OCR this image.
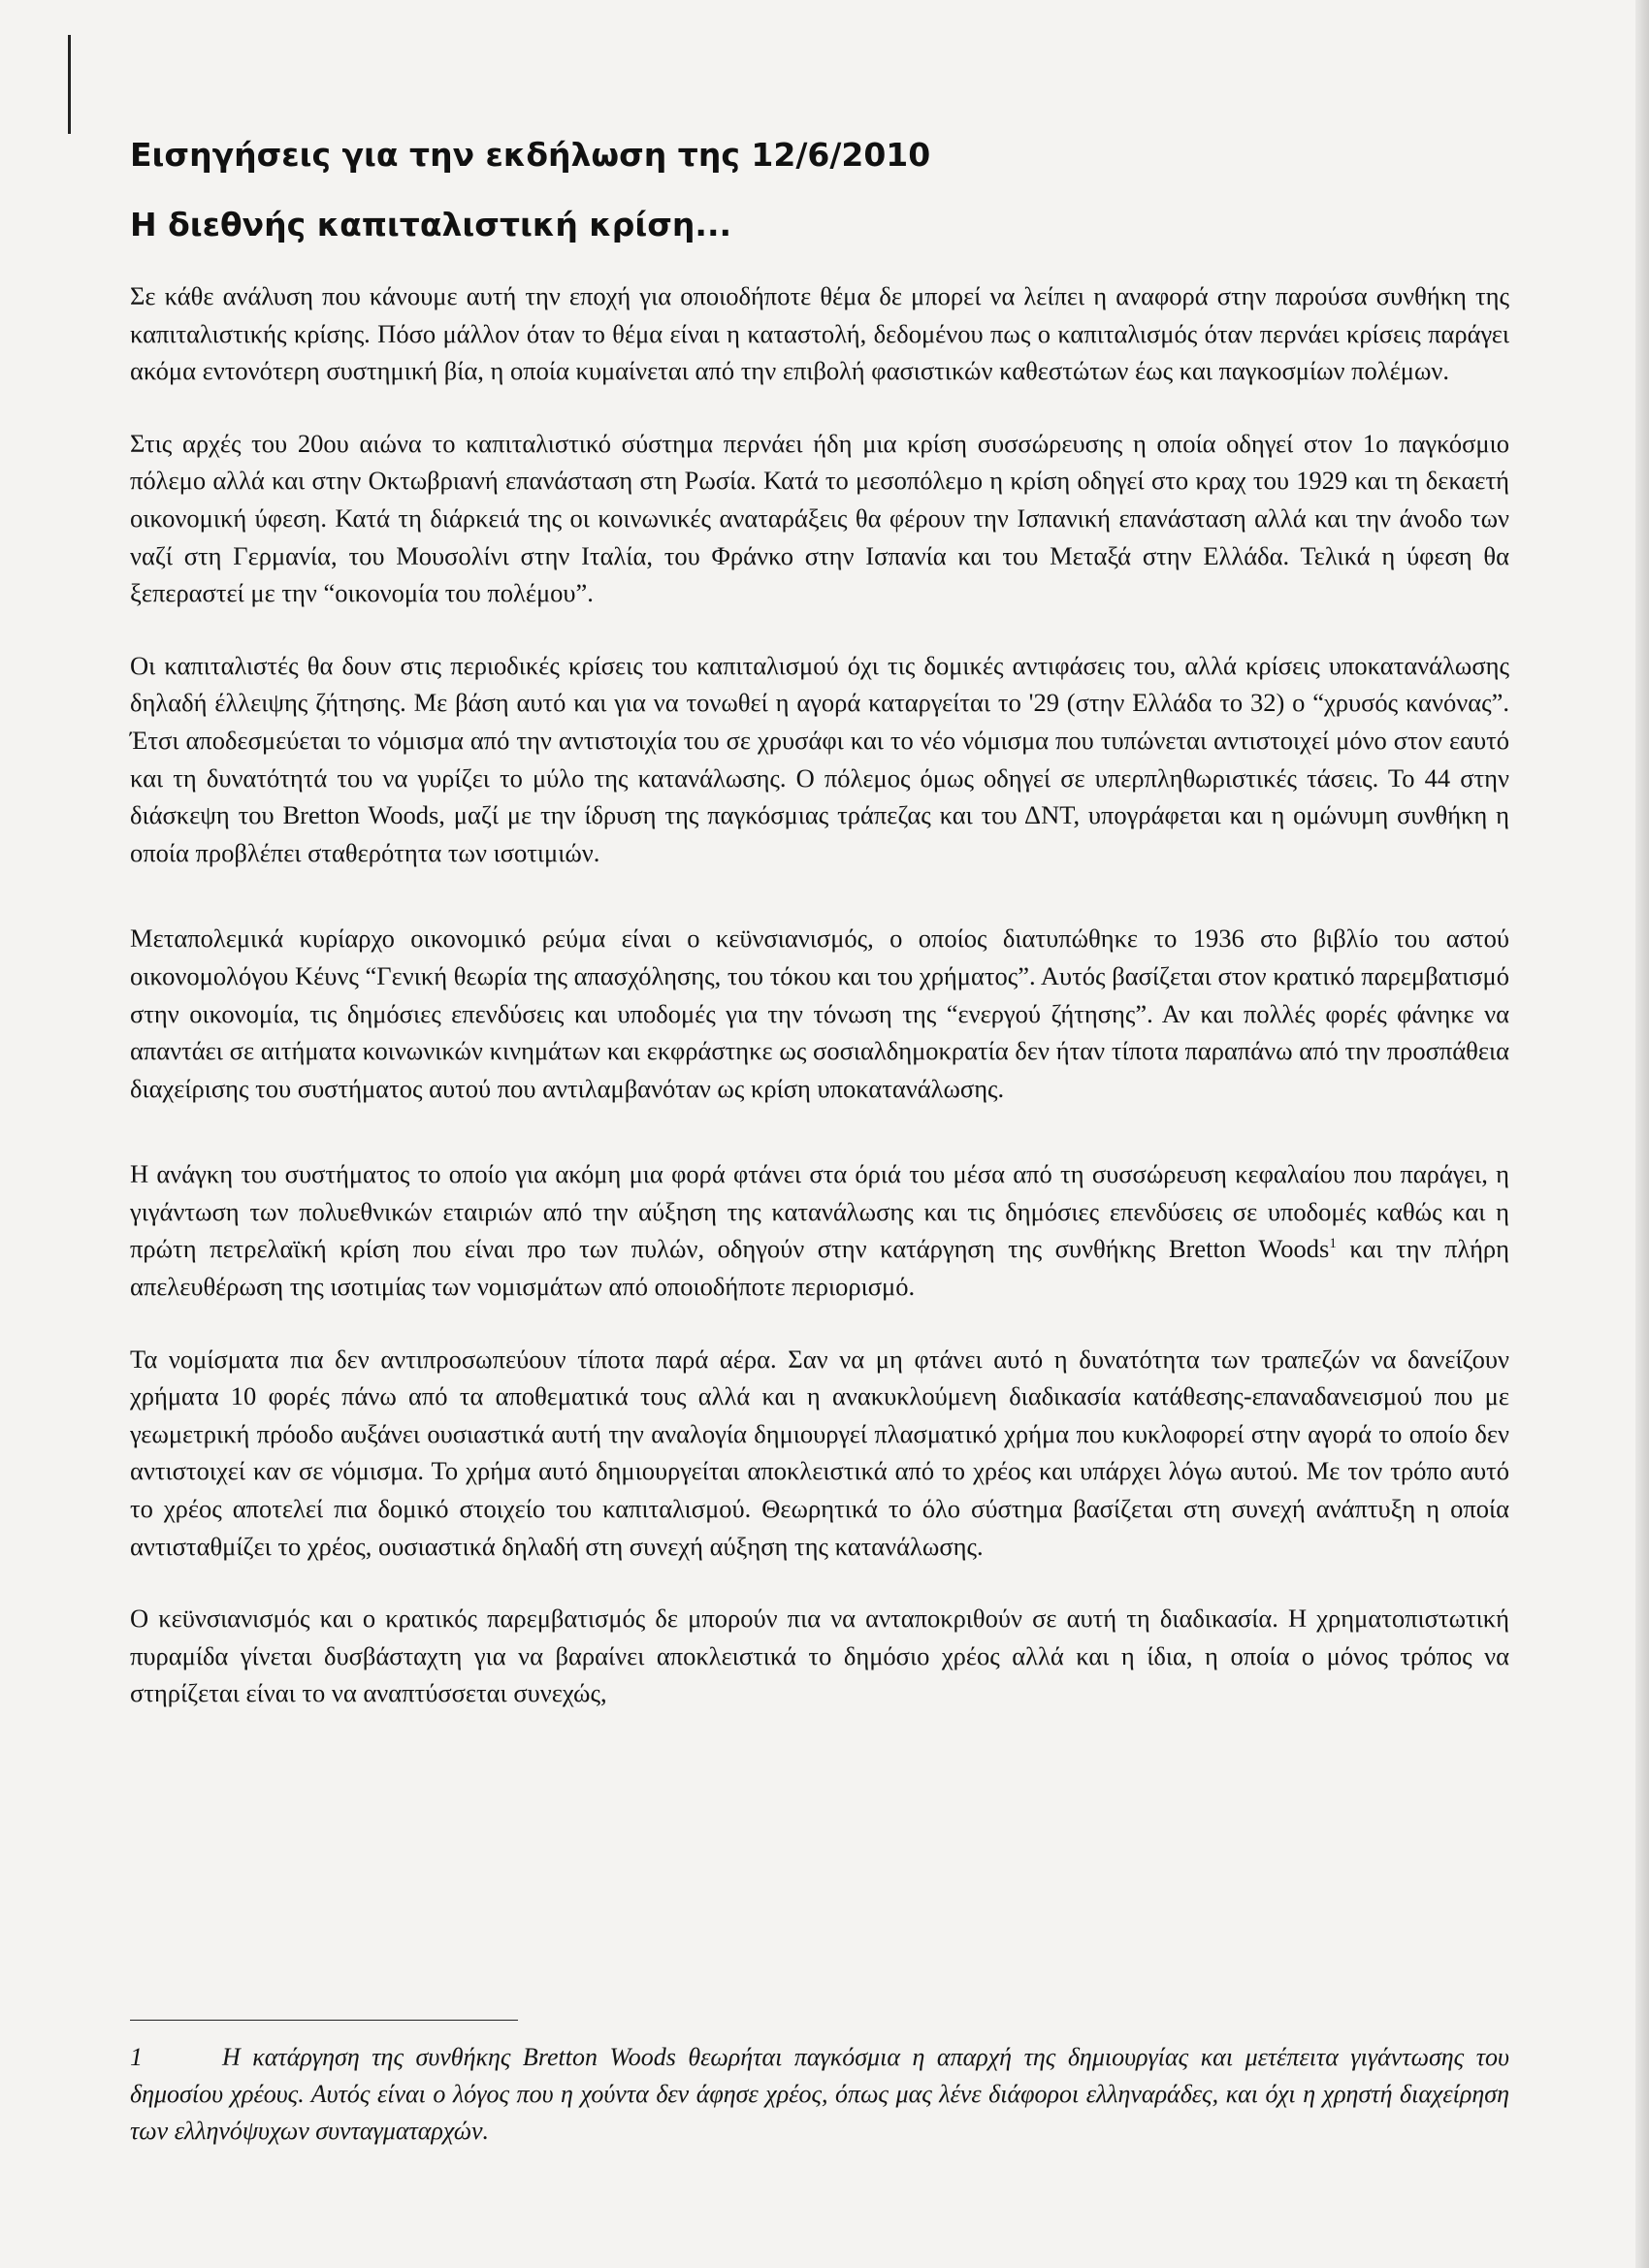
Εισηγήσεις για την εκδήλωση της 12/6/2010
Η διεθνής καπιταλιστική κρίση...

Σε κάθε ανάλυση που κάνουμε αυτή την εποχή για οποιοδήποτε θέμα δε μπορεί να λείπει η αναφορά στην παρούσα συνθήκη της καπιταλιστικής κρίσης. Πόσο μάλλον όταν το θέμα είναι η καταστολή, δεδομένου πως ο καπιταλισμός όταν περνάει κρίσεις παράγει ακόμα εντονότερη συστημική βία, η οποία κυμαίνεται από την επιβολή φασιστικών καθεστώτων έως και παγκοσμίων πολέμων.

Στις αρχές του 20ου αιώνα το καπιταλιστικό σύστημα περνάει ήδη μια κρίση συσσώρευσης η οποία οδηγεί στον 1ο παγκόσμιο πόλεμο αλλά και στην Οκτωβριανή επανάσταση στη Ρωσία. Κατά το μεσοπόλεμο η κρίση οδηγεί στο κραχ του 1929 και τη δεκαετή οικονομική ύφεση. Κατά τη διάρκειά της οι κοινωνικές αναταράξεις θα φέρουν την Ισπανική επανάσταση αλλά και την άνοδο των ναζί στη Γερμανία, του Μουσολίνι στην Ιταλία, του Φράνκο στην Ισπανία και του Μεταξά στην Ελλάδα. Τελικά η ύφεση θα ξεπεραστεί με την “οικονομία του πολέμου”.

Οι καπιταλιστές θα δουν στις περιοδικές κρίσεις του καπιταλισμού όχι τις δομικές αντιφάσεις του, αλλά κρίσεις υποκατανάλωσης δηλαδή έλλειψης ζήτησης. Με βάση αυτό και για να τονωθεί η αγορά καταργείται το '29 (στην Ελλάδα το 32) ο “χρυσός κανόνας”. Έτσι αποδεσμεύεται το νόμισμα από την αντιστοιχία του σε χρυσάφι και το νέο νόμισμα που τυπώνεται αντιστοιχεί μόνο στον εαυτό και τη δυνατότητά του να γυρίζει το μύλο της κατανάλωσης. Ο πόλεμος όμως οδηγεί σε υπερπληθωριστικές τάσεις. Το 44 στην διάσκεψη του Bretton Woods, μαζί με την ίδρυση της παγκόσμιας τράπεζας και του ΔΝΤ, υπογράφεται και η ομώνυμη συνθήκη η οποία προβλέπει σταθερότητα των ισοτιμιών.

Μεταπολεμικά κυρίαρχο οικονομικό ρεύμα είναι ο κεϋνσιανισμός, ο οποίος διατυπώθηκε το 1936 στο βιβλίο του αστού οικονομολόγου Κέυνς “Γενική θεωρία της απασχόλησης, του τόκου και του χρήματος”. Αυτός βασίζεται στον κρατικό παρεμβατισμό στην οικονομία, τις δημόσιες επενδύσεις και υποδομές για την τόνωση της “ενεργού ζήτησης”. Αν και πολλές φορές φάνηκε να απαντάει σε αιτήματα κοινωνικών κινημάτων και εκφράστηκε ως σοσιαλδημοκρατία δεν ήταν τίποτα παραπάνω από την προσπάθεια διαχείρισης του συστήματος αυτού που αντιλαμβανόταν ως κρίση υποκατανάλωσης.

Η ανάγκη του συστήματος το οποίο για ακόμη μια φορά φτάνει στα όριά του μέσα από τη συσσώρευση κεφαλαίου που παράγει, η γιγάντωση των πολυεθνικών εταιριών από την αύξηση της κατανάλωσης και τις δημόσιες επενδύσεις σε υποδομές καθώς και η πρώτη πετρελαϊκή κρίση που είναι προ των πυλών, οδηγούν στην κατάργηση της συνθήκης Bretton Woods$^1$ και την πλήρη απελευθέρωση της ισοτιμίας των νομισμάτων από οποιοδήποτε περιορισμό.

Τα νομίσματα πια δεν αντιπροσωπεύουν τίποτα παρά αέρα. Σαν να μη φτάνει αυτό η δυνατότητα των τραπεζών να δανείζουν χρήματα 10 φορές πάνω από τα αποθεματικά τους αλλά και η ανακυκλούμενη διαδικασία κατάθεσης-επαναδανεισμού που με γεωμετρική πρόοδο αυξάνει ουσιαστικά αυτή την αναλογία δημιουργεί πλασματικό χρήμα που κυκλοφορεί στην αγορά το οποίο δεν αντιστοιχεί καν σε νόμισμα. Το χρήμα αυτό δημιουργείται αποκλειστικά από το χρέος και υπάρχει λόγω αυτού. Με τον τρόπο αυτό το χρέος αποτελεί πια δομικό στοιχείο του καπιταλισμού. Θεωρητικά το όλο σύστημα βασίζεται στη συνεχή ανάπτυξη η οποία αντισταθμίζει το χρέος, ουσιαστικά δηλαδή στη συνεχή αύξηση της κατανάλωσης.

Ο κεϋνσιανισμός και ο κρατικός παρεμβατισμός δε μπορούν πια να ανταποκριθούν σε αυτή τη διαδικασία. Η χρηματοπιστωτική πυραμίδα γίνεται δυσβάσταχτη για να βαραίνει αποκλειστικά το δημόσιο χρέος αλλά και η ίδια, η οποία ο μόνος τρόπος να στηρίζεται είναι το να αναπτύσσεται συνεχώς,

1	Η κατάργηση της συνθήκης Bretton Woods θεωρήται παγκόσμια η απαρχή της δημιουργίας και μετέπειτα γιγάντωσης του δημοσίου χρέους. Αυτός είναι ο λόγος που η χούντα δεν άφησε χρέος, όπως μας λένε διάφοροι ελληναράδες, και όχι η χρηστή διαχείρηση των ελληνόψυχων συνταγματαρχών.
